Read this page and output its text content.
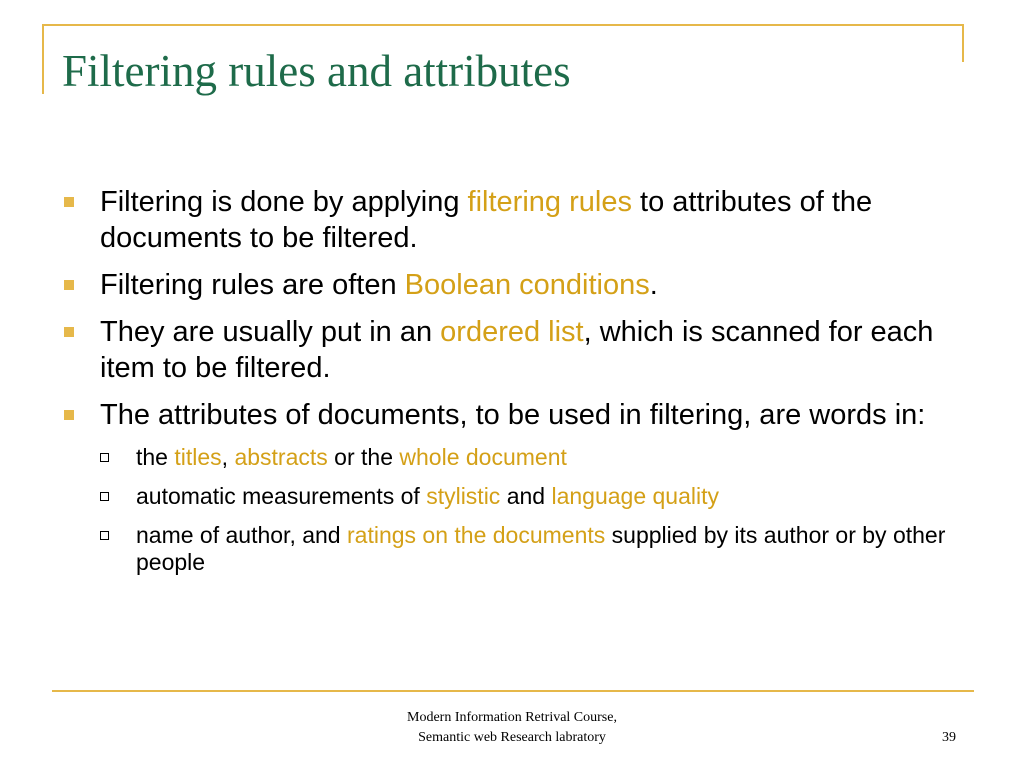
Filtering rules and attributes
Filtering is done by applying filtering rules to attributes of the documents to be filtered.
Filtering rules are often Boolean conditions.
They are usually put in an ordered list, which is scanned for each item to be filtered.
The attributes of documents, to be used in filtering, are words in:
the titles, abstracts or the whole document
automatic measurements of stylistic and language quality
name of author, and ratings on the documents supplied by its author or by other people
Modern Information Retrival Course,
Semantic web Research labratory	39
